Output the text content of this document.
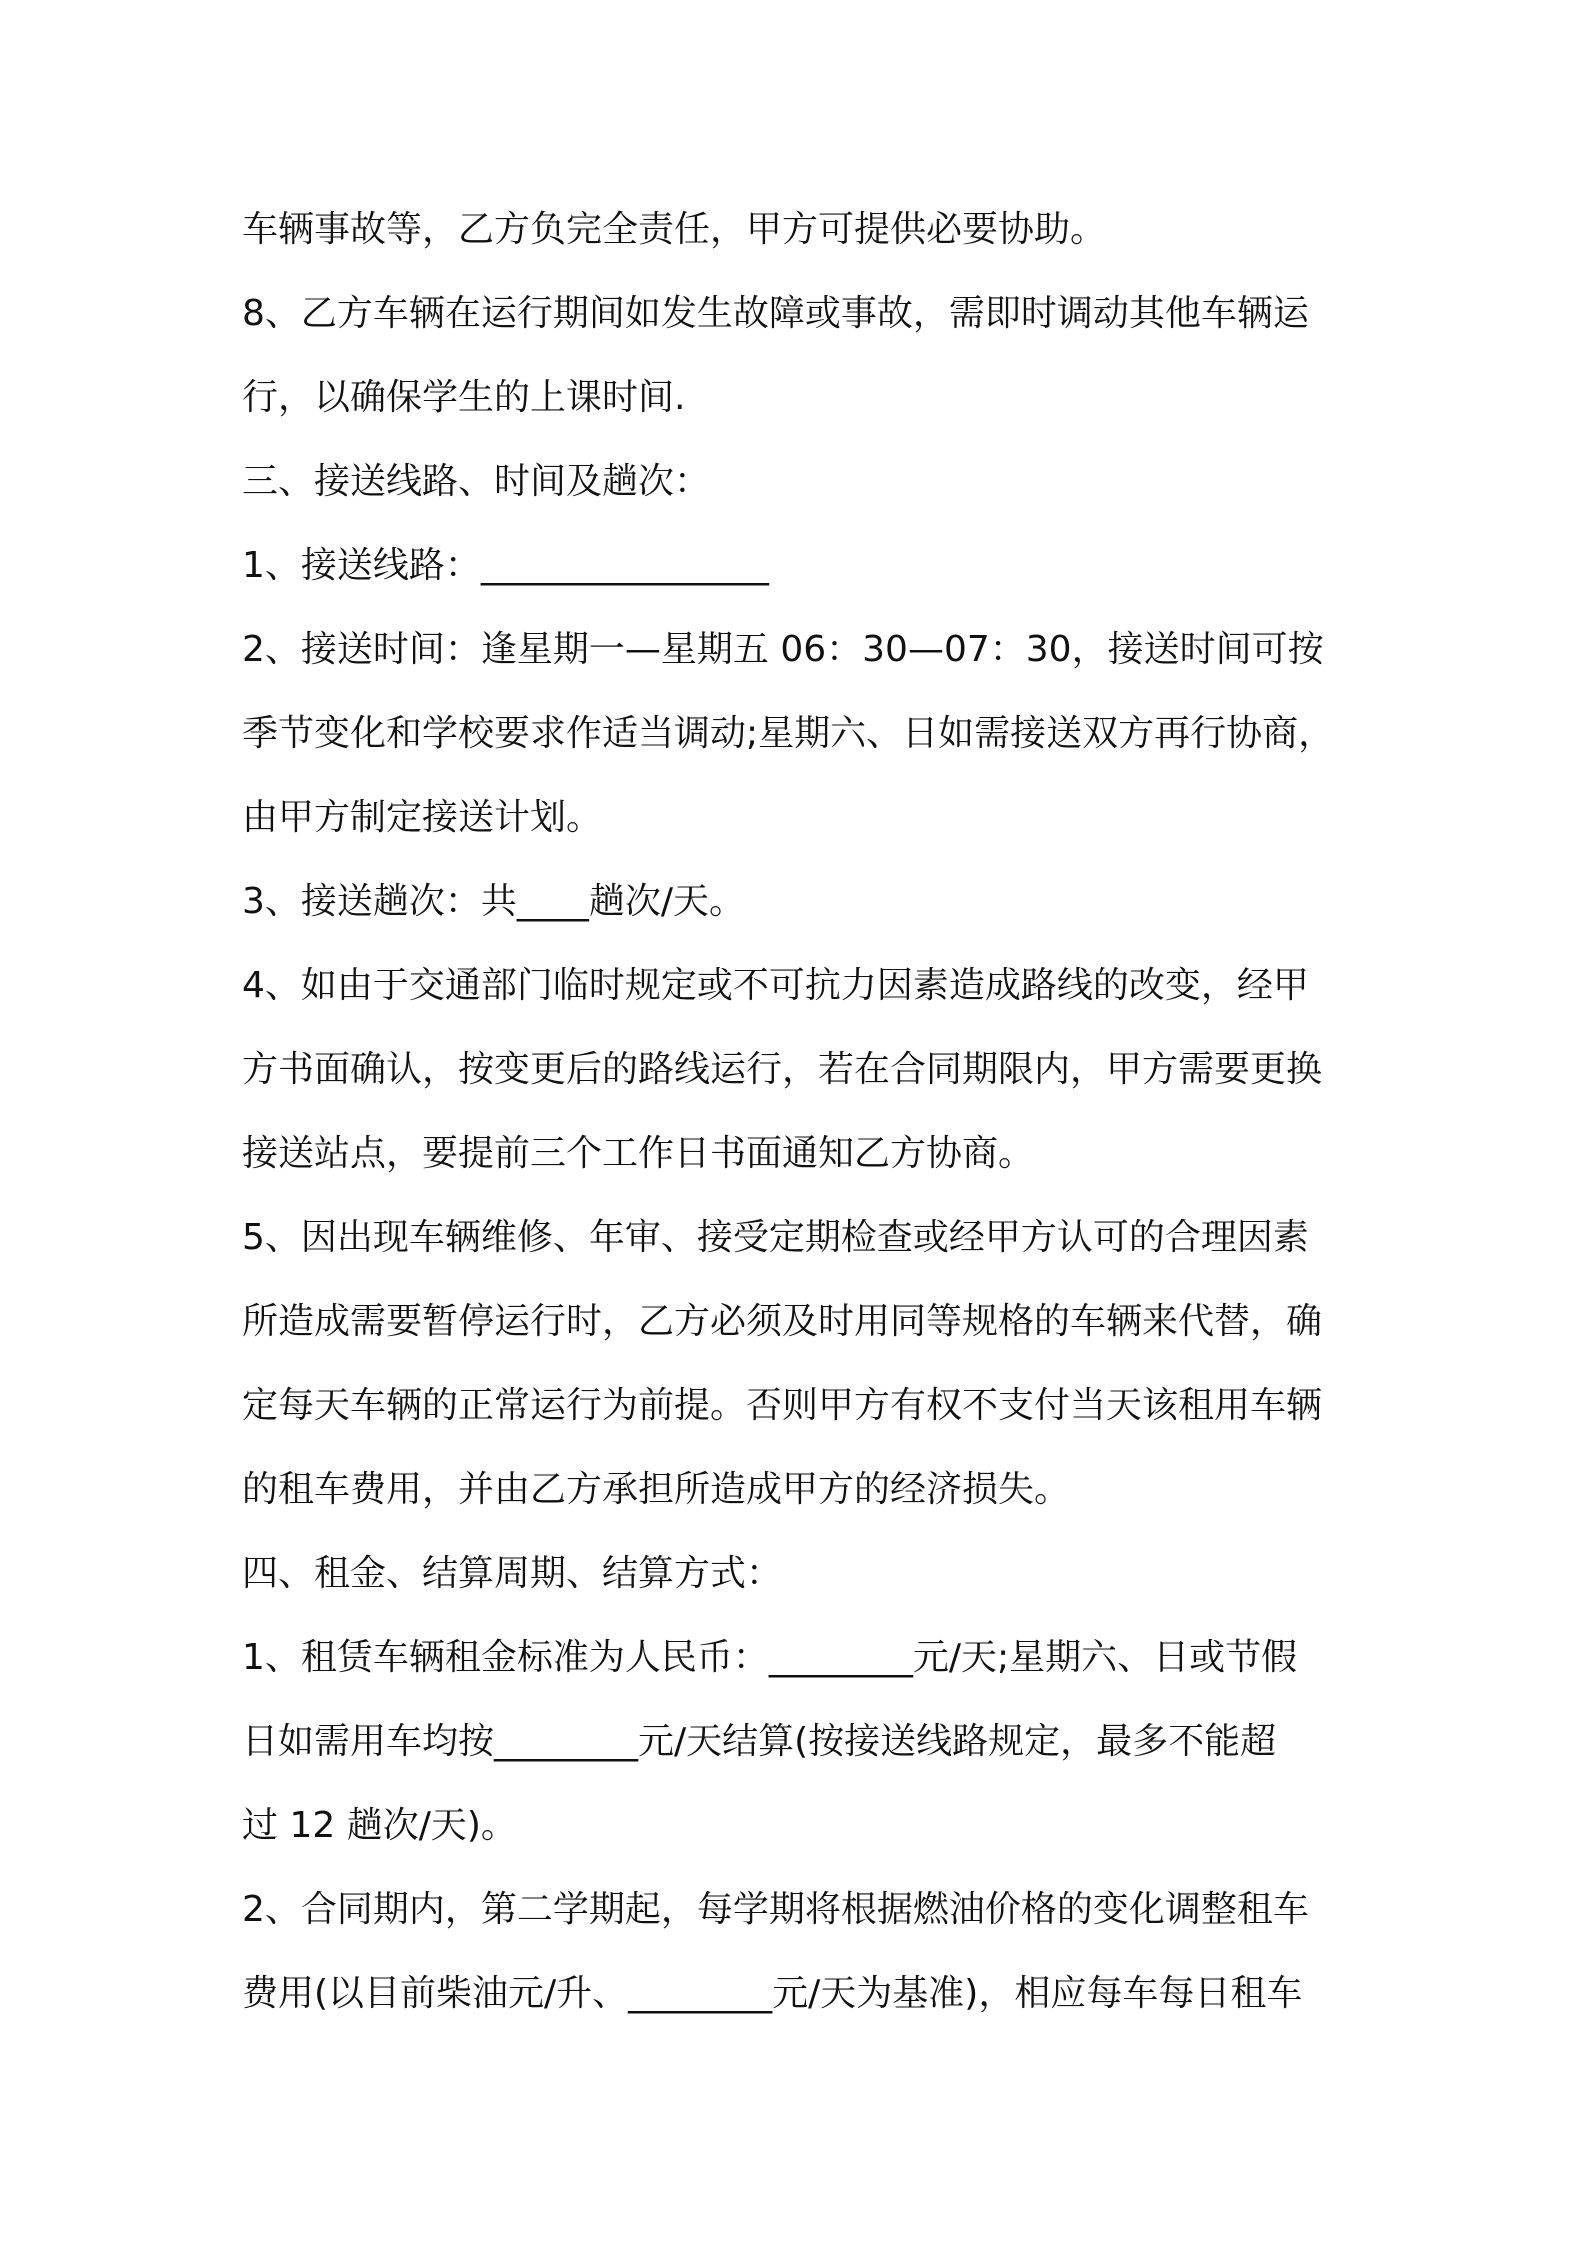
车辆事故等，乙方负完全责任，甲方可提供必要协助。
8、乙方车辆在运行期间如发生故障或事故，需即时调动其他车辆运
行，以确保学生的上课时间.
三、接送线路、时间及趟次：
1、接送线路：________________
2、接送时间：逢星期一—星期五 06：30—07：30，接送时间可按
季节变化和学校要求作适当调动;星期六、日如需接送双方再行协商，
由甲方制定接送计划。
3、接送趟次：共____趟次/天。
4、如由于交通部门临时规定或不可抗力因素造成路线的改变，经甲
方书面确认，按变更后的路线运行，若在合同期限内，甲方需要更换
接送站点，要提前三个工作日书面通知乙方协商。
5、因出现车辆维修、年审、接受定期检查或经甲方认可的合理因素
所造成需要暂停运行时，乙方必须及时用同等规格的车辆来代替，确
定每天车辆的正常运行为前提。否则甲方有权不支付当天该租用车辆
的租车费用，并由乙方承担所造成甲方的经济损失。
四、租金、结算周期、结算方式：
1、租赁车辆租金标准为人民币：________元/天;星期六、日或节假
日如需用车均按________元/天结算(按接送线路规定，最多不能超
过 12 趟次/天)。
2、合同期内，第二学期起，每学期将根据燃油价格的变化调整租车
费用(以目前柴油元/升、________元/天为基准)，相应每车每日租车
